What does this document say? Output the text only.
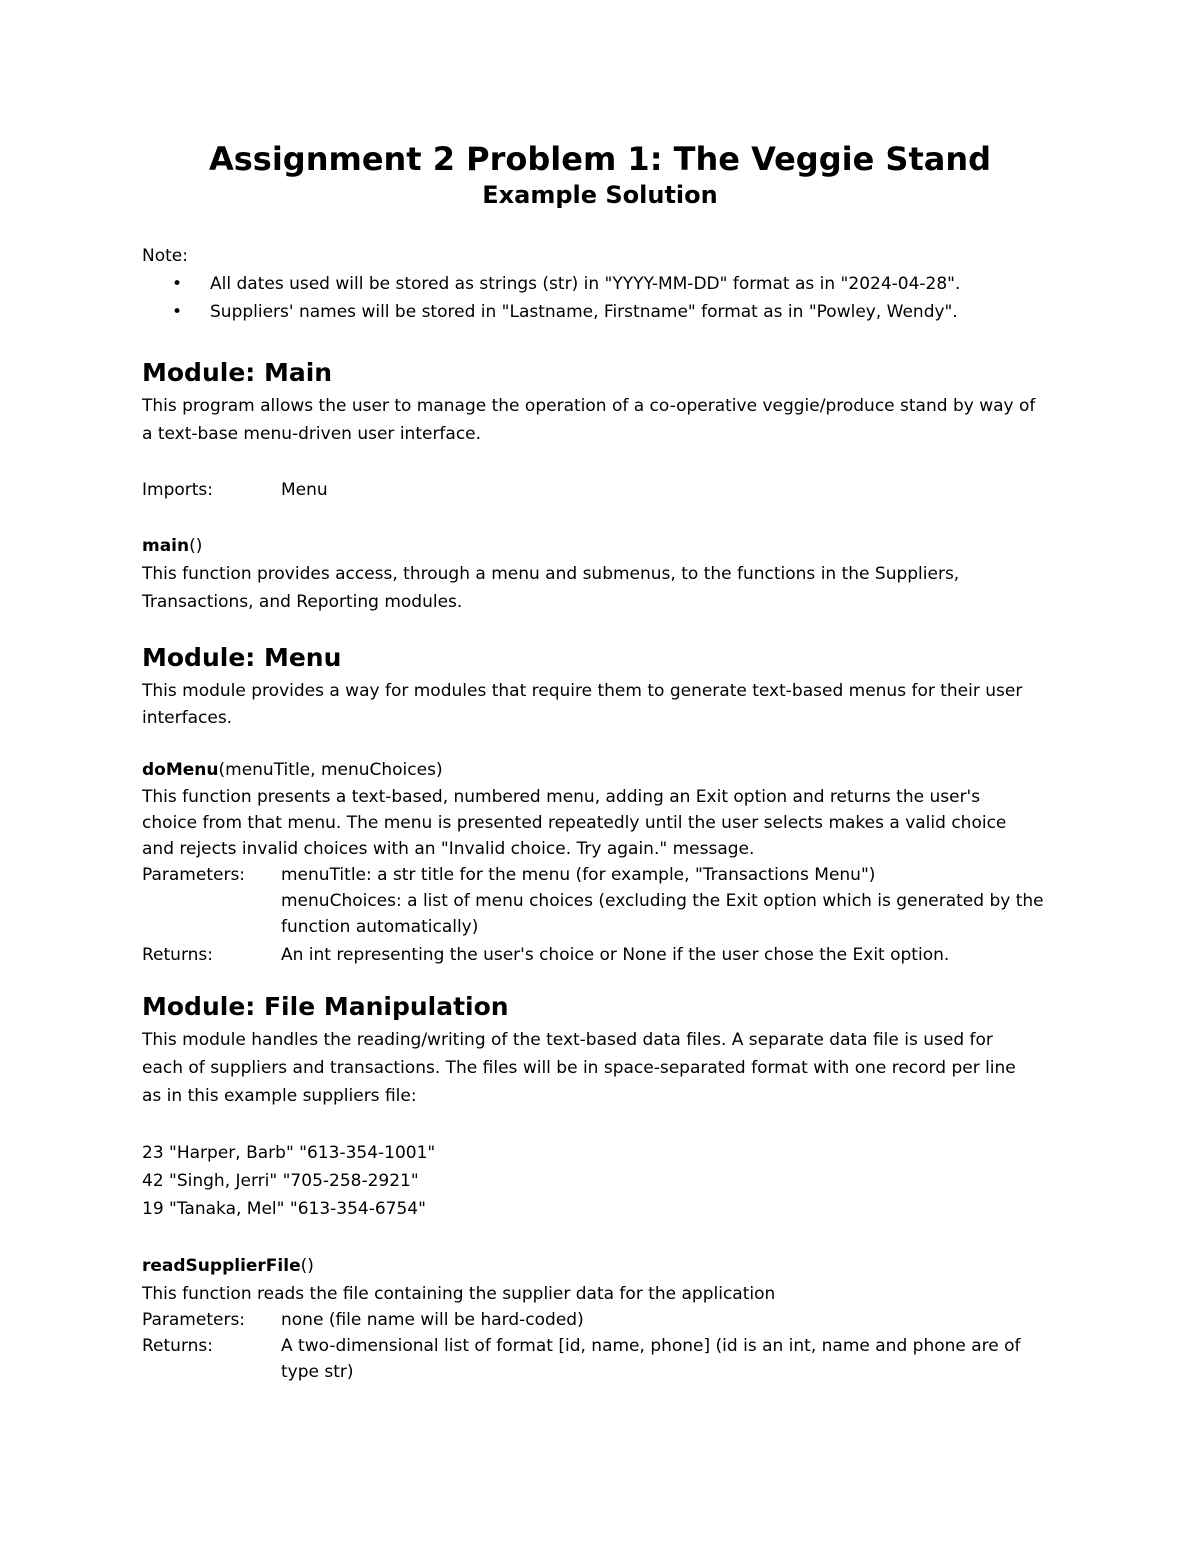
Assignment 2 Problem 1: The Veggie Stand
Example Solution
Note:
• All dates used will be stored as strings (str) in "YYYY-MM-DD" format as in "2024-04-28".
• Suppliers' names will be stored in "Lastname, Firstname" format as in "Powley, Wendy".
Module: Main
This program allows the user to manage the operation of a co-operative veggie/produce stand by way of
a text-base menu-driven user interface.
Imports:	Menu
main()
This function provides access, through a menu and submenus, to the functions in the Suppliers,
Transactions, and Reporting modules.
Module: Menu
This module provides a way for modules that require them to generate text-based menus for their user
interfaces.
doMenu(menuTitle, menuChoices)
This function presents a text-based, numbered menu, adding an Exit option and returns the user's
choice from that menu. The menu is presented repeatedly until the user selects makes a valid choice
and rejects invalid choices with an "Invalid choice. Try again." message.
Parameters: menuTitle: a str title for the menu (for example, "Transactions Menu")
menuChoices: a list of menu choices (excluding the Exit option which is generated by the
function automatically)
Returns:	An int representing the user's choice or None if the user chose the Exit option.
Module: File Manipulation
This module handles the reading/writing of the text-based data files. A separate data file is used for
each of suppliers and transactions. The files will be in space-separated format with one record per line
as in this example suppliers file:
23 "Harper, Barb" "613-354-1001"
42 "Singh, Jerri" "705-258-2921"
19 "Tanaka, Mel" "613-354-6754"
readSupplierFile()
This function reads the file containing the supplier data for the application
Parameters: none (file name will be hard-coded)
Returns:	A two-dimensional list of format [id, name, phone] (id is an int, name and phone are of
type str)
